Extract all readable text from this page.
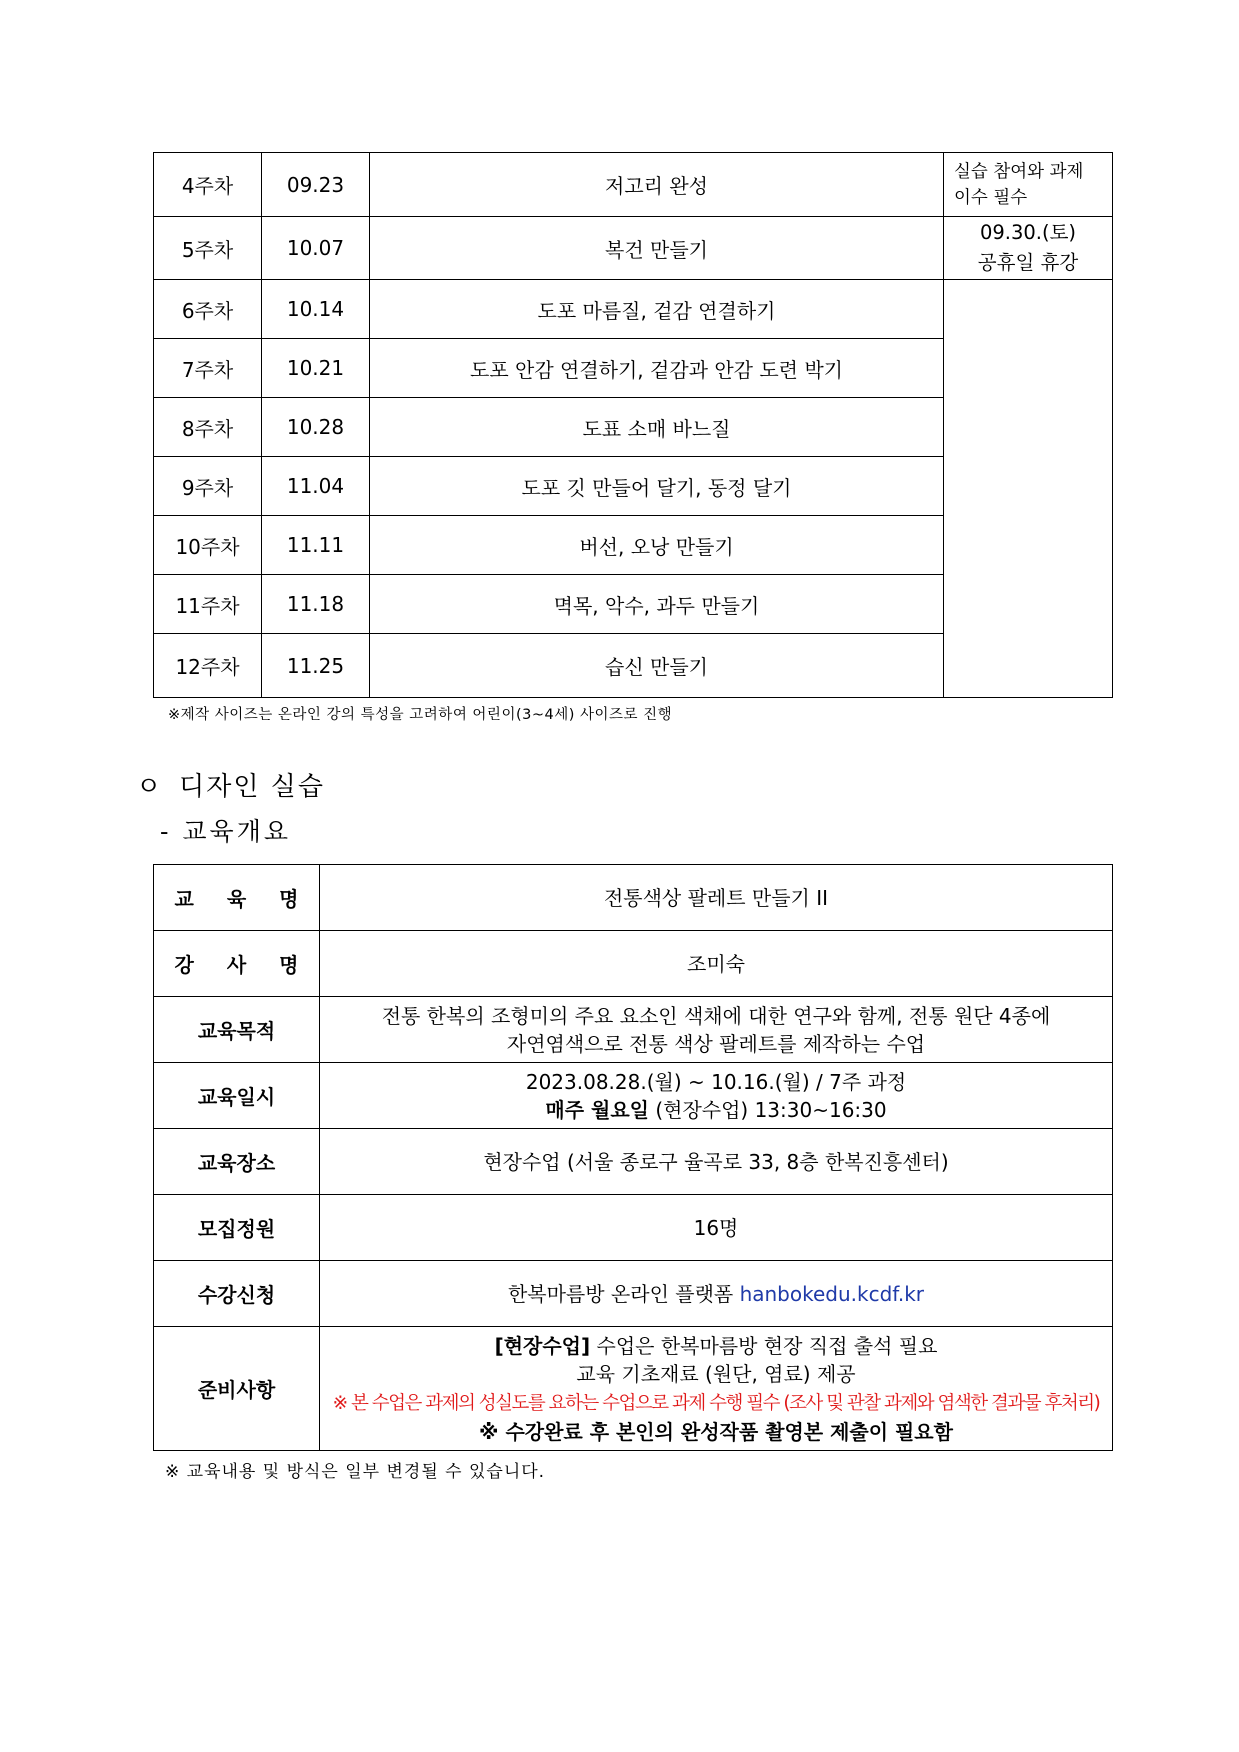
4주차	09.23	저고리 완성	실습 참여와 과제
이수 필수
5주차	10.07	복건 만들기	09.30.(토)
공휴일 휴강
6주차	10.14	도포 마름질, 겉감 연결하기	
7주차	10.21	도포 안감 연결하기, 겉감과 안감 도련 박기	
8주차	10.28	도표 소매 바느질	
9주차	11.04	도포 깃 만들어 달기, 동정 달기	
10주차	11.11	버선, 오낭 만들기	
11주차	11.18	멱목, 악수, 과두 만들기	
12주차	11.25	습신 만들기	
※제작 사이즈는 온라인 강의 특성을 고려하여 어린이(3~4세) 사이즈로 진행
ㅇ 디자인 실습
- 교육개요
교 육 명	전통색상 팔레트 만들기 II
강 사 명	조미숙
교육목적	전통 한복의 조형미의 주요 요소인 색채에 대한 연구와 함께, 전통 원단 4종에
자연염색으로 전통 색상 팔레트를 제작하는 수업
교육일시	2023.08.28.(월) ~ 10.16.(월) / 7주 과정
매주 월요일 (현장수업) 13:30~16:30
교육장소	현장수업 (서울 종로구 율곡로 33, 8층 한복진흥센터)
모집정원	16명
수강신청	한복마름방 온라인 플랫폼 hanbokedu.kcdf.kr
준비사항	[현장수업] 수업은 한복마름방 현장 직접 출석 필요
교육 기초재료 (원단, 염료) 제공
※ 본 수업은 과제의 성실도를 요하는 수업으로 과제 수행 필수 (조사 및 관찰 과제와 염색한 결과물 후처리)
※ 수강완료 후 본인의 완성작품 촬영본 제출이 필요함
※ 교육내용 및 방식은 일부 변경될 수 있습니다.
